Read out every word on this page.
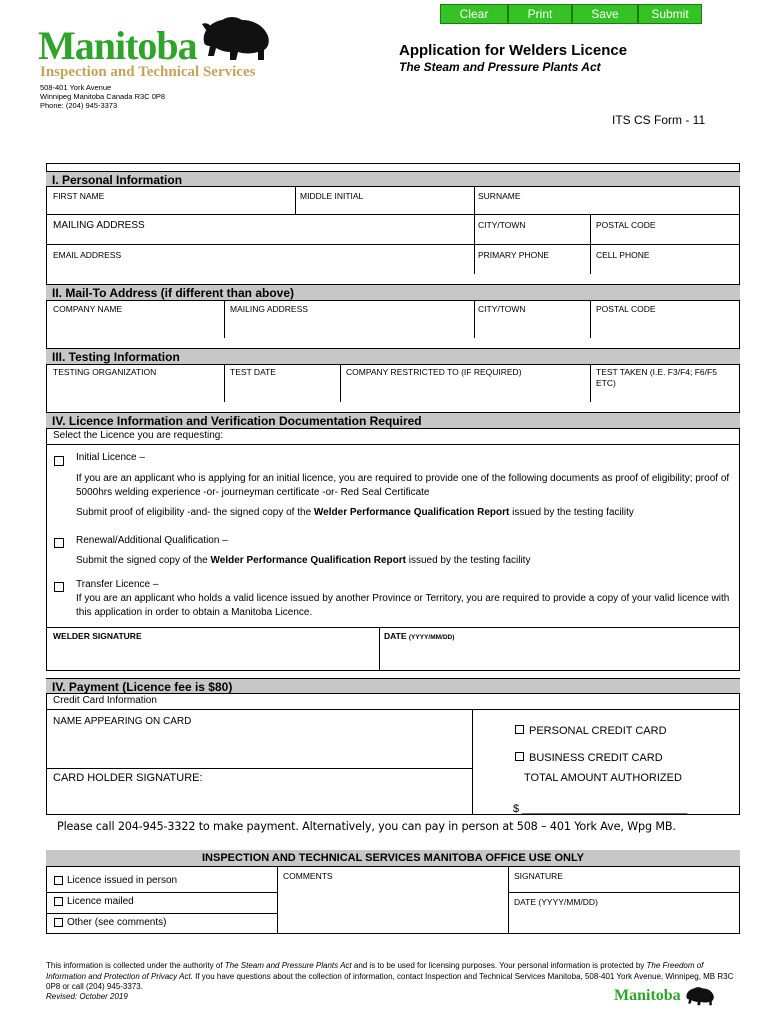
Clear	Print	Save	Submit
Manitoba
Inspection and Technical Services
508-401 York Avenue
Winnipeg Manitoba Canada R3C 0P8
Phone: (204) 945-3373
Application for Welders Licence
The Steam and Pressure Plants Act
ITS CS Form - 11
I. Personal Information
FIRST NAME	MIDDLE INITIAL	SURNAME
MAILING ADDRESS	CITY/TOWN	POSTAL CODE
EMAIL ADDRESS	PRIMARY PHONE	CELL PHONE
II. Mail-To Address (if different than above)
COMPANY NAME	MAILING ADDRESS	CITY/TOWN	POSTAL CODE
III. Testing Information
TESTING ORGANIZATION	TEST DATE	COMPANY RESTRICTED TO (IF REQUIRED)	TEST TAKEN (I.E. F3/F4; F6/F5 ETC)
IV. Licence Information and Verification Documentation Required
Select the Licence you are requesting:
Initial Licence –
If you are an applicant who is applying for an initial licence, you are required to provide one of the following documents as proof of eligibility; proof of 5000hrs welding experience -or- journeyman certificate -or- Red Seal Certificate
Submit proof of eligibility -and- the signed copy of the Welder Performance Qualification Report issued by the testing facility
Renewal/Additional Qualification –
Submit the signed copy of the Welder Performance Qualification Report issued by the testing facility
Transfer Licence –
If you are an applicant who holds a valid licence issued by another Province or Territory, you are required to provide a copy of your valid licence with this application in order to obtain a Manitoba Licence.
WELDER SIGNATURE	DATE (YYYY/MM/DD)
IV. Payment (Licence fee is $80)
Credit Card Information
NAME APPEARING ON CARD
PERSONAL CREDIT CARD
BUSINESS CREDIT CARD
CARD HOLDER SIGNATURE:	TOTAL AMOUNT AUTHORIZED
$ ___________________________
Please call 204-945-3322 to make payment. Alternatively, you can pay in person at 508 – 401 York Ave, Wpg MB.
INSPECTION AND TECHNICAL SERVICES MANITOBA OFFICE USE ONLY
Licence issued in person
Licence mailed
Other (see comments)
COMMENTS	SIGNATURE
DATE (YYYY/MM/DD)
This information is collected under the authority of The Steam and Pressure Plants Act and is to be used for licensing purposes. Your personal information is protected by The Freedom of Information and Protection of Privacy Act. If you have questions about the collection of information, contact Inspection and Technical Services Manitoba, 508-401 York Avenue, Winnipeg, MB R3C 0P8 or call (204) 945-3373.
Revised: October 2019	Manitoba
